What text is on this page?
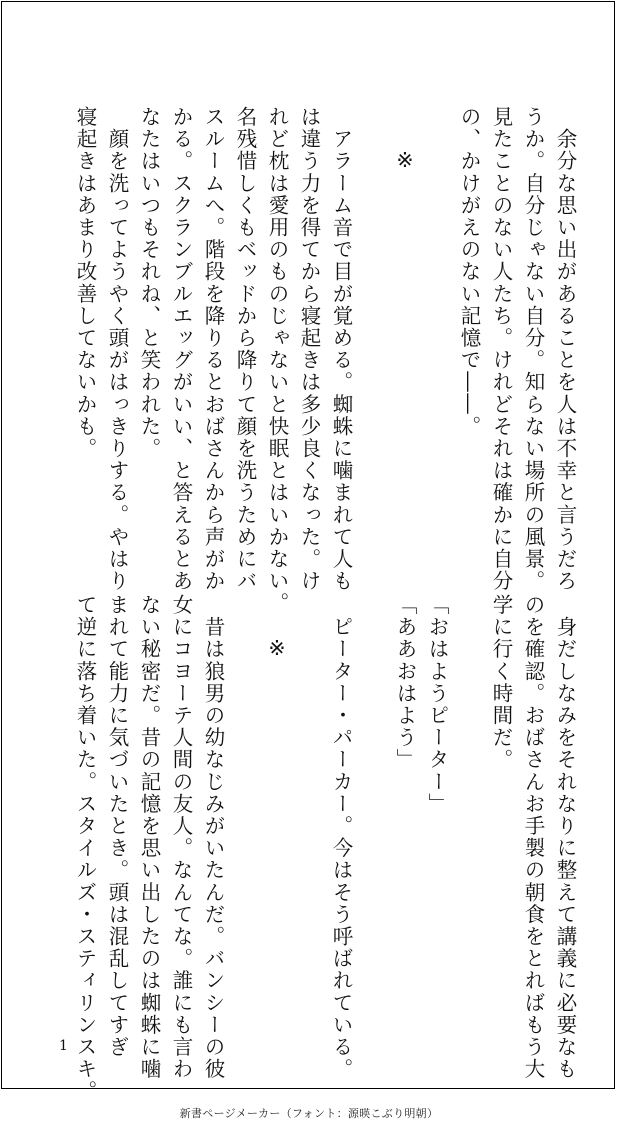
　余分な思い出があることを人は不幸と言うだろ

うか。自分じゃない自分。知らない場所の風景。

見たことのない人たち。けれどそれは確かに自分

の、かけがえのない記憶で――。

※

　アラーム音で目が覚める。蜘蛛に噛まれて人も

は違う力を得てから寝起きは多少良くなった。け

れど枕は愛用のものじゃないと快眠とはいかない。

名残惜しくもベッドから降りて顔を洗うためにバ

スルームへ。階段を降りるとおばさんから声がか

かる。スクランブルエッグがいい、と答えるとあ

なたはいつもそれね、と笑われた。

　顔を洗ってようやく頭がはっきりする。やはり

寝起きはあまり改善してないかも。

　身だしなみをそれなりに整えて講義に必要なも

のを確認。おばさんお手製の朝食をとればもう大

学に行く時間だ。

「おはようピーター」

「ああおはよう」

　ピーター・パーカー。今はそう呼ばれている。

※

　昔は狼男の幼なじみがいたんだ。バンシーの彼

女にコヨーテ人間の友人。なんてな。誰にも言わ

ない秘密だ。昔の記憶を思い出したのは蜘蛛に噛

まれて能力に気づいたとき。頭は混乱してすぎ

て逆に落ち着いた。スタイルズ・スティリンスキ。

1
新書ページメーカー（フォント：源暎こぶり明朝）
